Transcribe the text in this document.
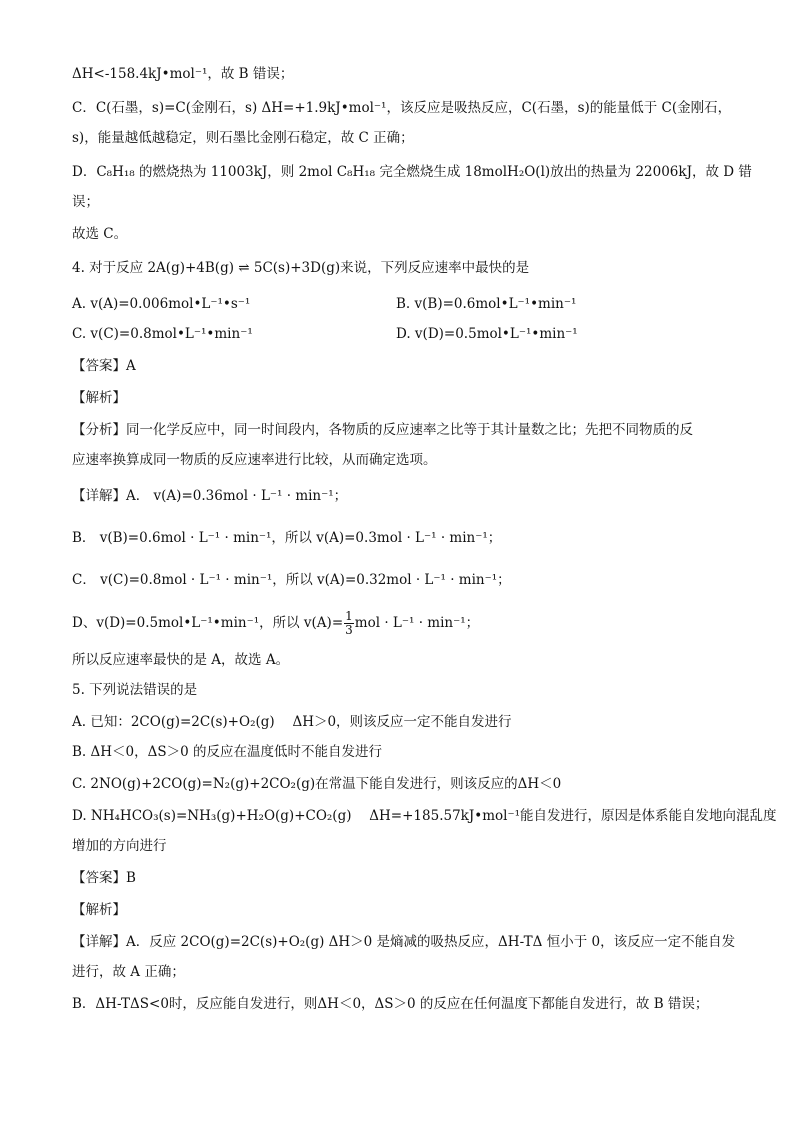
ΔH<-158.4kJ•mol⁻¹，故 B 错误；
C．C(石墨，s)=C(金刚石，s) ΔH=+1.9kJ•mol⁻¹，该反应是吸热反应，C(石墨，s)的能量低于 C(金刚石，
s)，能量越低越稳定，则石墨比金刚石稳定，故 C 正确；
D．C₈H₁₈ 的燃烧热为 11003kJ，则 2mol C₈H₁₈ 完全燃烧生成 18molH₂O(l)放出的热量为 22006kJ，故 D 错
误；
故选 C。
4. 对于反应 2A(g)+4B(g) ⇌ 5C(s)+3D(g)来说，下列反应速率中最快的是
A. v(A)=0.006mol•L⁻¹•s⁻¹	B. v(B)=0.6mol•L⁻¹•min⁻¹
C. v(C)=0.8mol•L⁻¹•min⁻¹	D. v(D)=0.5mol•L⁻¹•min⁻¹
【答案】A
【解析】
【分析】同一化学反应中，同一时间段内，各物质的反应速率之比等于其计量数之比；先把不同物质的反
应速率换算成同一物质的反应速率进行比较，从而确定选项。
【详解】A． v(A)=0.36mol · L⁻¹ · min⁻¹；
B． v(B)=0.6mol · L⁻¹ · min⁻¹，所以 v(A)=0.3mol · L⁻¹ · min⁻¹；
C． v(C)=0.8mol · L⁻¹ · min⁻¹，所以 v(A)=0.32mol · L⁻¹ · min⁻¹；
D、v(D)=0.5mol•L⁻¹•min⁻¹，所以 $v(A)= \frac{1}{3}$ mol · L⁻¹ · min⁻¹；
所以反应速率最快的是 A，故选 A。
5. 下列说法错误的是
A. 已知：2CO(g)=2C(s)+O₂(g)　 ΔH＞0，则该反应一定不能自发进行
B. ΔH＜0，ΔS＞0 的反应在温度低时不能自发进行
C. 2NO(g)+2CO(g)=N₂(g)+2CO₂(g)在常温下能自发进行，则该反应的ΔH＜0
D. NH₄HCO₃(s)=NH₃(g)+H₂O(g)+CO₂(g)　 ΔH=+185.57kJ•mol⁻¹能自发进行，原因是体系能自发地向混乱度
增加的方向进行
【答案】B
【解析】
【详解】A．反应 2CO(g)=2C(s)+O₂(g) ΔH＞0 是熵减的吸热反应，ΔH-TΔ 恒小于 0，该反应一定不能自发
进行，故 A 正确；
B．ΔH-TΔS<0时，反应能自发进行，则ΔH＜0，ΔS＞0 的反应在任何温度下都能自发进行，故 B 错误；
